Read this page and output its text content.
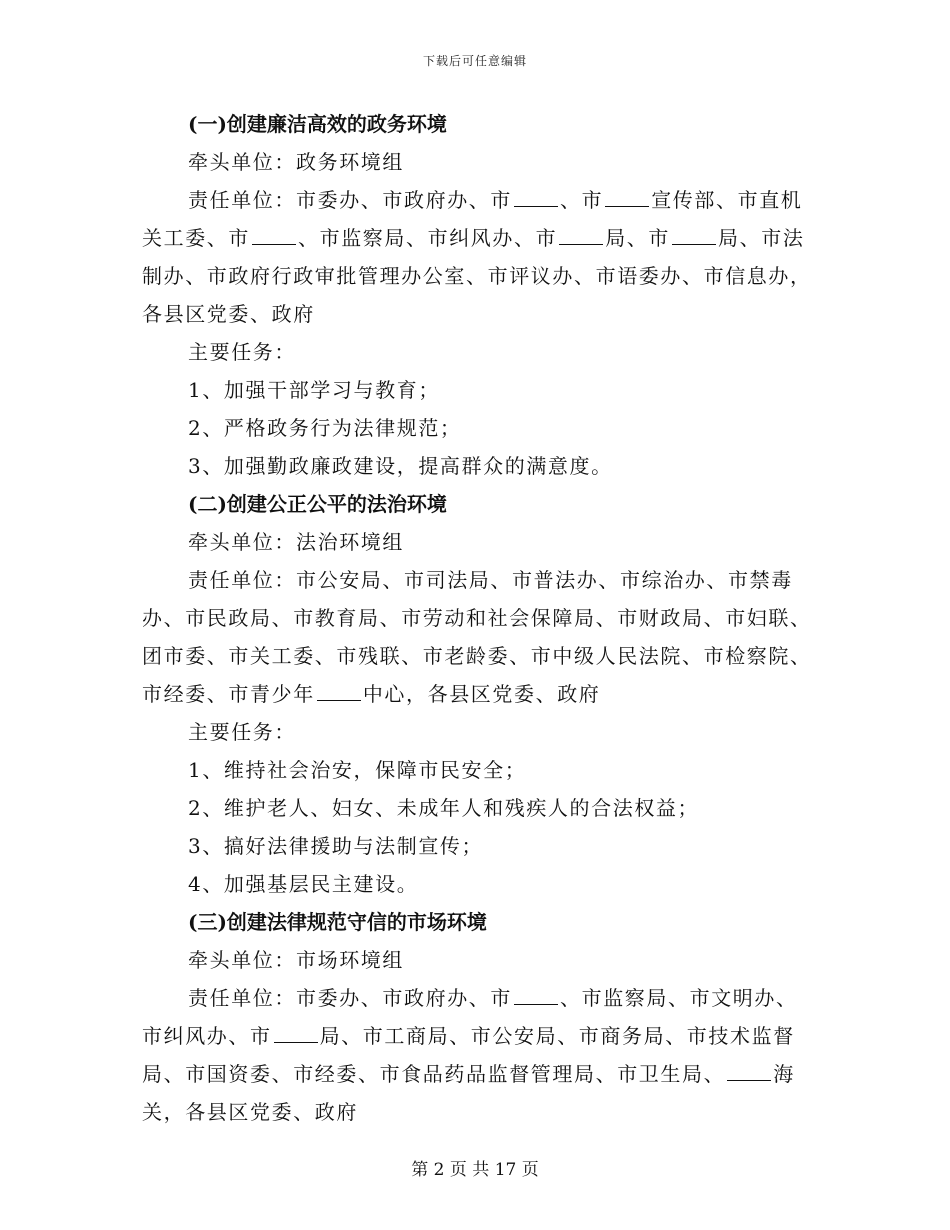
下载后可任意编辑
(一)创建廉洁高效的政务环境
牵头单位：政务环境组
责任单位：市委办、市政府办、市 、市 宣传部、市直机关工委、市 、市监察局、市纠风办、市 局、市 局、市法制办、市政府行政审批管理办公室、市评议办、市语委办、市信息办，各县区党委、政府
主要任务：
1、加强干部学习与教育；
2、严格政务行为法律规范；
3、加强勤政廉政建设，提高群众的满意度。
(二)创建公正公平的法治环境
牵头单位：法治环境组
责任单位：市公安局、市司法局、市普法办、市综治办、市禁毒办、市民政局、市教育局、市劳动和社会保障局、市财政局、市妇联、团市委、市关工委、市残联、市老龄委、市中级人民法院、市检察院、市经委、市青少年 中心，各县区党委、政府
主要任务：
1、维持社会治安，保障市民安全；
2、维护老人、妇女、未成年人和残疾人的合法权益；
3、搞好法律援助与法制宣传；
4、加强基层民主建设。
(三)创建法律规范守信的市场环境
牵头单位：市场环境组
责任单位：市委办、市政府办、市 、市监察局、市文明办、市纠风办、市 局、市工商局、市公安局、市商务局、市技术监督局、市国资委、市经委、市食品药品监督管理局、市卫生局、 海关，各县区党委、政府
第 2 页 共 17 页
